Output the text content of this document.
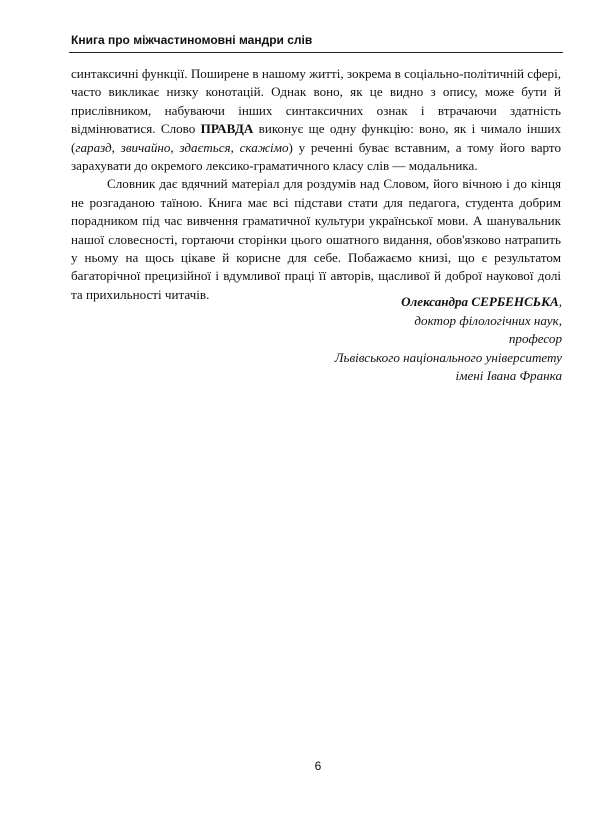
Книга про міжчастиномовні мандри слів

синтаксичні функції. Поширене в нашому житті, зокрема в соціально-політичній сфері, часто викликає низку конотацій. Однак воно, як це видно з опису, може бути й прислівником, набуваючи інших синтаксичних ознак і втрачаючи здатність відмінюватися. Слово ПРАВДА виконує ще одну функцію: воно, як і чимало інших (гаразд, звичайно, здається, скажімо) у реченні буває вставним, а тому його варто зарахувати до окремого лексико-граматичного класу слів — модальника.

Словник дає вдячний матеріал для роздумів над Словом, його вічною і до кінця не розгаданою таїною. Книга має всі підстави стати для педагога, студента добрим порадником під час вивчення граматичної культури української мови. А шанувальник нашої словесності, гортаючи сторінки цього ошатного видання, обов'язково натрапить у ньому на щось цікаве й корисне для себе. Побажаємо книзі, що є результатом багаторічної прецизійної і вдумливої праці її авторів, щасливої й доброї наукової долі та прихильності читачів.	Олександра СЕРБЕНСЬКА,
доктор філологічних наук,
професор
Львівського національного університету
імені Івана Франка
6
